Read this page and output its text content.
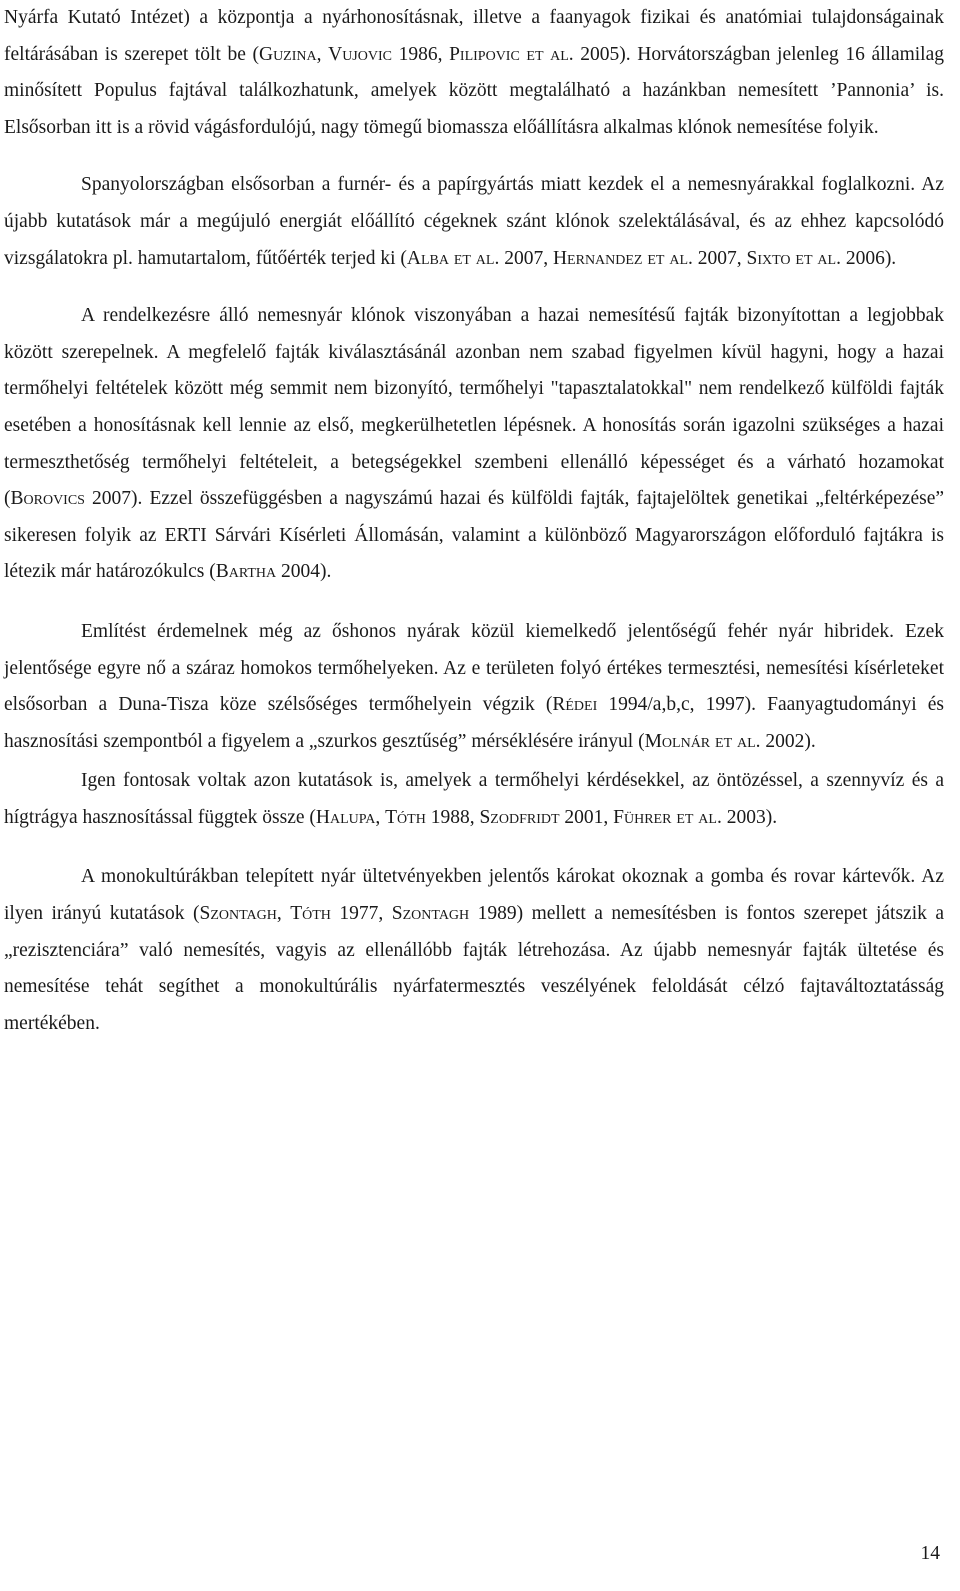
Nyárfa Kutató Intézet) a központja a nyárhonosításnak, illetve a faanyagok fizikai és anatómiai tulajdonságainak feltárásában is szerepet tölt be (Guzina, Vujovic 1986, Pilipovic et al. 2005). Horvátországban jelenleg 16 államilag minősített Populus fajtával találkozhatunk, amelyek között megtalálható a hazánkban nemesített ’Pannonia’ is. Elsősorban itt is a rövid vágásfordulójú, nagy tömegű biomassza előállításra alkalmas klónok nemesítése folyik.

Spanyolországban elsősorban a furnér- és a papírgyártás miatt kezdek el a nemesnyárakkal foglalkozni. Az újabb kutatások már a megújuló energiát előállító cégeknek szánt klónok szelektálásával, és az ehhez kapcsolódó vizsgálatokra pl. hamutartalom, fűtőérték terjed ki (Alba et al. 2007, Hernandez et al. 2007, Sixto et al. 2006).

A rendelkezésre álló nemesnyár klónok viszonyában a hazai nemesítésű fajták bizonyítottan a legjobbak között szerepelnek. A megfelelő fajták kiválasztásánál azonban nem szabad figyelmen kívül hagyni, hogy a hazai termőhelyi feltételek között még semmit nem bizonyító, termőhelyi "tapasztalatokkal" nem rendelkező külföldi fajták esetében a honosításnak kell lennie az első, megkerülhetetlen lépésnek. A honosítás során igazolni szükséges a hazai termeszthetőség termőhelyi feltételeit, a betegségekkel szembeni ellenálló képességet és a várható hozamokat (Borovics 2007). Ezzel összefüggésben a nagyszámú hazai és külföldi fajták, fajtajelöltek genetikai „feltérképezése” sikeresen folyik az ERTI Sárvári Kísérleti Állomásán, valamint a különböző Magyarországon előforduló fajtákra is létezik már határozókulcs (Bartha 2004).

Említést érdemelnek még az őshonos nyárak közül kiemelkedő jelentőségű fehér nyár hibridek. Ezek jelentősége egyre nő a száraz homokos termőhelyeken. Az e területen folyó értékes termesztési, nemesítési kísérleteket elsősorban a Duna-Tisza köze szélsőséges termőhelyein végzik (Rédei 1994/a,b,c, 1997). Faanyagtudományi és hasznosítási szempontból a figyelem a „szurkos gesztűség” mérséklésére irányul (Molnár et al. 2002).

Igen fontosak voltak azon kutatások is, amelyek a termőhelyi kérdésekkel, az öntözéssel, a szennyvíz és a hígtrágya hasznosítással függtek össze (Halupa, Tóth 1988, Szodfridt 2001, Führer et al. 2003).

A monokultúrákban telepített nyár ültetvényekben jelentős károkat okoznak a gomba és rovar kártevők. Az ilyen irányú kutatások (Szontagh, Tóth 1977, Szontagh 1989) mellett a nemesítésben is fontos szerepet játszik a „rezisztenciára” való nemesítés, vagyis az ellenállóbb fajták létrehozása. Az újabb nemesnyár fajták ültetése és nemesítése tehát segíthet a monokultúrális nyárfatermesztés veszélyének feloldását célzó fajtaváltoztatásság mertékében.

14
